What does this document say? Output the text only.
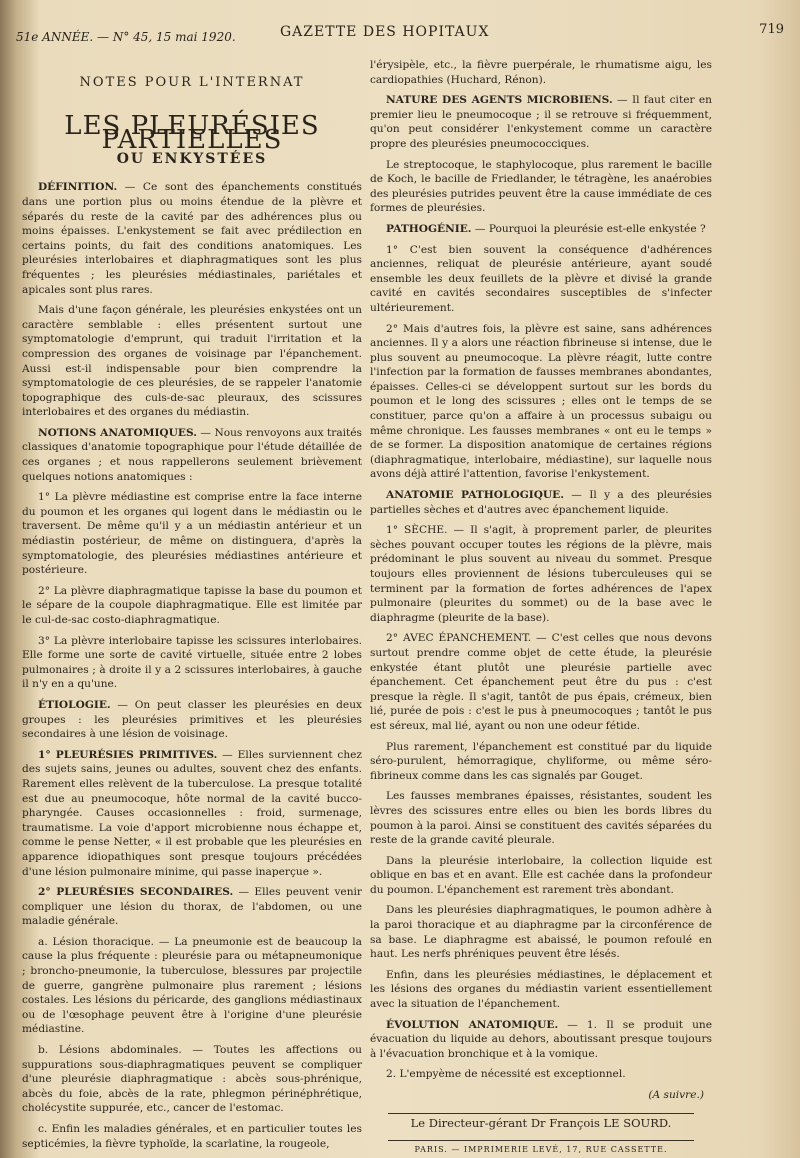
51e ANNÉE. — N° 45, 15 mai 1920.	GAZETTE DES HOPITAUX	719
NOTES POUR L'INTERNAT
LES PLEURÉSIES PARTIELLES
OU ENKYSTÉES

DÉFINITION. — Ce sont des épanchements constitués dans une portion plus ou moins étendue de la plèvre et séparés du reste de la cavité par des adhérences plus ou moins épaisses. L'enkystement se fait avec prédilection en certains points, du fait des conditions anatomiques. Les pleurésies interlobaires et diaphragmatiques sont les plus fréquentes ; les pleurésies médiastinales, pariétales et apicales sont plus rares.

Mais d'une façon générale, les pleurésies enkystées ont un caractère semblable : elles présentent surtout une symptomatologie d'emprunt, qui traduit l'irritation et la compression des organes de voisinage par l'épanchement. Aussi est-il indispensable pour bien comprendre la symptomatologie de ces pleurésies, de se rappeler l'anatomie topographique des culs-de-sac pleuraux, des scissures interlobaires et des organes du médiastin.

NOTIONS ANATOMIQUES. — Nous renvoyons aux traités classiques d'anatomie topographique pour l'étude détaillée de ces organes ; et nous rappellerons seulement brièvement quelques notions anatomiques :

1° La plèvre médiastine est comprise entre la face interne du poumon et les organes qui logent dans le médiastin ou le traversent. De même qu'il y a un médiastin antérieur et un médiastin postérieur, de même on distinguera, d'après la symptomatologie, des pleurésies médiastines antérieure et postérieure.

2° La plèvre diaphragmatique tapisse la base du poumon et le sépare de la coupole diaphragmatique. Elle est limitée par le cul-de-sac costo-diaphragmatique.

3° La plèvre interlobaire tapisse les scissures interlobaires. Elle forme une sorte de cavité virtuelle, située entre 2 lobes pulmonaires ; à droite il y a 2 scissures interlobaires, à gauche il n'y en a qu'une.

ÉTIOLOGIE. — On peut classer les pleurésies en deux groupes : les pleurésies primitives et les pleurésies secondaires à une lésion de voisinage.

1° PLEURÉSIES PRIMITIVES. — Elles surviennent chez des sujets sains, jeunes ou adultes, souvent chez des enfants. Rarement elles relèvent de la tuberculose. La presque totalité est due au pneumocoque, hôte normal de la cavité bucco-pharyngée. Causes occasionnelles : froid, surmenage, traumatisme. La voie d'apport microbienne nous échappe et, comme le pense Netter, « il est probable que les pleurésies en apparence idiopathiques sont presque toujours précédées d'une lésion pulmonaire minime, qui passe inaperçue ».

2° PLEURÉSIES SECONDAIRES. — Elles peuvent venir compliquer une lésion du thorax, de l'abdomen, ou une maladie générale.

a. Lésion thoracique. — La pneumonie est de beaucoup la cause la plus fréquente : pleurésie para ou métapneumonique ; broncho-pneumonie, la tuberculose, blessures par projectile de guerre, gangrène pulmonaire plus rarement ; lésions costales. Les lésions du péricarde, des ganglions médiastinaux ou de l'œsophage peuvent être à l'origine d'une pleurésie médiastine.

b. Lésions abdominales. — Toutes les affections ou suppurations sous-diaphragmatiques peuvent se compliquer d'une pleurésie diaphragmatique : abcès sous-phrénique, abcès du foie, abcès de la rate, phlegmon périnéphrétique, cholécystite suppurée, etc., cancer de l'estomac.

c. Enfin les maladies générales, et en particulier toutes les septicémies, la fièvre typhoïde, la scarlatine, la rougeole,

l'érysipèle, etc., la fièvre puerpérale, le rhumatisme aigu, les cardiopathies (Huchard, Rénon).

NATURE DES AGENTS MICROBIENS. — Il faut citer en premier lieu le pneumocoque ; il se retrouve si fréquemment, qu'on peut considérer l'enkystement comme un caractère propre des pleurésies pneumococciques.

Le streptocoque, le staphylocoque, plus rarement le bacille de Koch, le bacille de Friedlander, le tétragène, les anaérobies des pleurésies putrides peuvent être la cause immédiate de ces formes de pleurésies.

PATHOGÉNIE. — Pourquoi la pleurésie est-elle enkystée ?

1° C'est bien souvent la conséquence d'adhérences anciennes, reliquat de pleurésie antérieure, ayant soudé ensemble les deux feuillets de la plèvre et divisé la grande cavité en cavités secondaires susceptibles de s'infecter ultérieurement.

2° Mais d'autres fois, la plèvre est saine, sans adhérences anciennes. Il y a alors une réaction fibrineuse si intense, due le plus souvent au pneumocoque. La plèvre réagit, lutte contre l'infection par la formation de fausses membranes abondantes, épaisses. Celles-ci se développent surtout sur les bords du poumon et le long des scissures ; elles ont le temps de se constituer, parce qu'on a affaire à un processus subaigu ou même chronique. Les fausses membranes « ont eu le temps » de se former. La disposition anatomique de certaines régions (diaphragmatique, interlobaire, médiastine), sur laquelle nous avons déjà attiré l'attention, favorise l'enkystement.

ANATOMIE PATHOLOGIQUE. — Il y a des pleurésies partielles sèches et d'autres avec épanchement liquide.

1° SÈCHE. — Il s'agit, à proprement parler, de pleurites sèches pouvant occuper toutes les régions de la plèvre, mais prédominant le plus souvent au niveau du sommet. Presque toujours elles proviennent de lésions tuberculeuses qui se terminent par la formation de fortes adhérences de l'apex pulmonaire (pleurites du sommet) ou de la base avec le diaphragme (pleurite de la base).

2° AVEC ÉPANCHEMENT. — C'est celles que nous devons surtout prendre comme objet de cette étude, la pleurésie enkystée étant plutôt une pleurésie partielle avec épanchement. Cet épanchement peut être du pus : c'est presque la règle. Il s'agit, tantôt de pus épais, crémeux, bien lié, purée de pois : c'est le pus à pneumocoques ; tantôt le pus est séreux, mal lié, ayant ou non une odeur fétide.

Plus rarement, l'épanchement est constitué par du liquide séro-purulent, hémorragique, chyliforme, ou même séro-fibrineux comme dans les cas signalés par Gouget.

Les fausses membranes épaisses, résistantes, soudent les lèvres des scissures entre elles ou bien les bords libres du poumon à la paroi. Ainsi se constituent des cavités séparées du reste de la grande cavité pleurale.

Dans la pleurésie interlobaire, la collection liquide est oblique en bas et en avant. Elle est cachée dans la profondeur du poumon. L'épanchement est rarement très abondant.

Dans les pleurésies diaphragmatiques, le poumon adhère à la paroi thoracique et au diaphragme par la circonférence de sa base. Le diaphragme est abaissé, le poumon refoulé en haut. Les nerfs phréniques peuvent être lésés.

Enfin, dans les pleurésies médiastines, le déplacement et les lésions des organes du médiastin varient essentiellement avec la situation de l'épanchement.

ÉVOLUTION ANATOMIQUE. — 1. Il se produit une évacuation du liquide au dehors, aboutissant presque toujours à l'évacuation bronchique et à la vomique.

2. L'empyème de nécessité est exceptionnel.

(A suivre.)
Le Directeur-gérant Dr François LE SOURD.
PARIS. — IMPRIMERIE LEVÉ, 17, RUE CASSETTE.
